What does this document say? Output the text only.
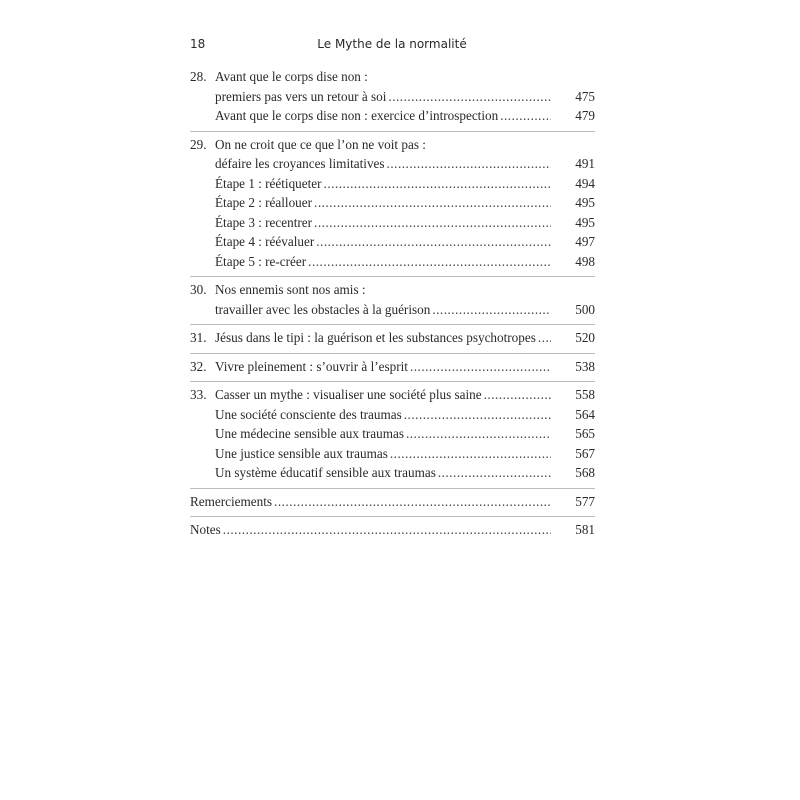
18	Le Mythe de la normalité
28. Avant que le corps dise non :
premiers pas vers un retour à soi .....	475
Avant que le corps dise non : exercice d’introspection .....	479
29. On ne croit que ce que l’on ne voit pas :
défaire les croyances limitatives .....	491
Étape 1 : réétiqueter .....	494
Étape 2 : réallouer .....	495
Étape 3 : recentrer .....	495
Étape 4 : réévaluer .....	497
Étape 5 : re-créer .....	498
30. Nos ennemis sont nos amis :
travailler avec les obstacles à la guérison .....	500
31. Jésus dans le tipi : la guérison et les substances psychotropes .....	520
32. Vivre pleinement : s’ouvrir à l’esprit .....	538
33. Casser un mythe : visualiser une société plus saine .....	558
Une société consciente des traumas .....	564
Une médecine sensible aux traumas .....	565
Une justice sensible aux traumas .....	567
Un système éducatif sensible aux traumas .....	568
Remerciements .....	577
Notes .....	581
